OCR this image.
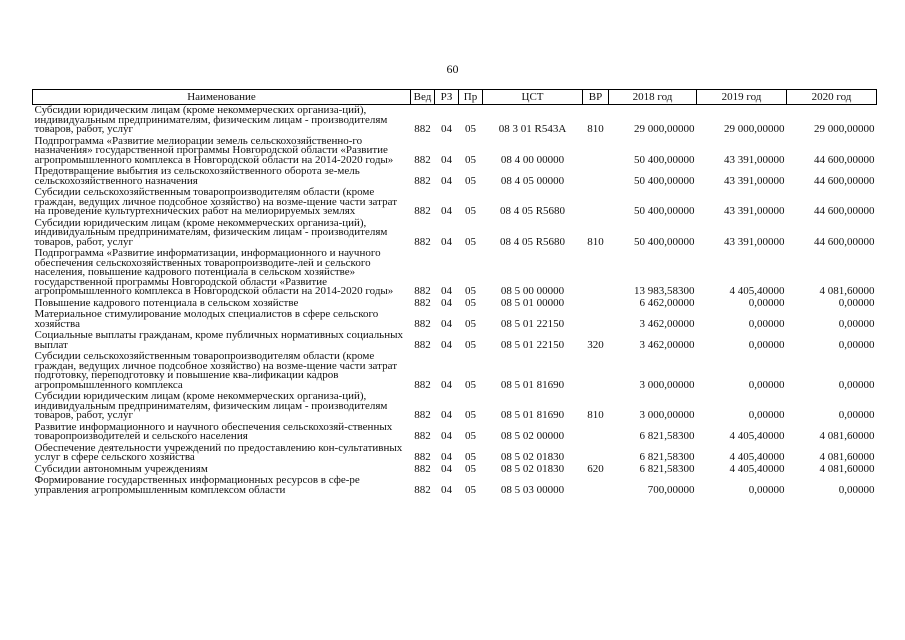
60
Наименование	Вед	РЗ	Пр	ЦСТ	ВР	2018 год	2019 год	2020 год
Субсидии юридическим лицам (кроме некоммерческих организа-ций), индивидуальным предпринимателям, физическим лицам - производителям товаров, работ, услуг	882	04	05	08 3 01 R543A	810	29 000,00000	29 000,00000	29 000,00000
Подпрограмма «Развитие мелиорации земель сельскохозяйственно-го назначения» государственной программы Новгородской области «Развитие агропромышленного комплекса в Новгородской области на 2014-2020 годы»	882	04	05	08 4 00 00000		50 400,00000	43 391,00000	44 600,00000
Предотвращение выбытия из сельскохозяйственного оборота зе-мель сельскохозяйственного назначения	882	04	05	08 4 05 00000		50 400,00000	43 391,00000	44 600,00000
Субсидии сельскохозяйственным товаропроизводителям области (кроме граждан, ведущих личное подсобное хозяйство) на возме-щение части затрат на проведение культуртехнических работ на мелиорируемых землях	882	04	05	08 4 05 R5680		50 400,00000	43 391,00000	44 600,00000
Субсидии юридическим лицам (кроме некоммерческих организа-ций), индивидуальным предпринимателям, физическим лицам - производителям товаров, работ, услуг	882	04	05	08 4 05 R5680	810	50 400,00000	43 391,00000	44 600,00000
Подпрограмма «Развитие информатизации, информационного и научного обеспечения сельскохозяйственных товаропроизводите-лей и сельского населения, повышение кадрового потенциала в сельском хозяйстве» государственной программы Новгородской области «Развитие агропромышленного комплекса в Новгородской области на 2014-2020 годы»	882	04	05	08 5 00 00000		13 983,58300	4 405,40000	4 081,60000
Повышение кадрового потенциала в сельском хозяйстве	882	04	05	08 5 01 00000		6 462,00000	0,00000	0,00000
Материальное стимулирование молодых специалистов в сфере сельского хозяйства	882	04	05	08 5 01 22150		3 462,00000	0,00000	0,00000
Социальные выплаты гражданам, кроме публичных нормативных социальных выплат	882	04	05	08 5 01 22150	320	3 462,00000	0,00000	0,00000
Субсидии сельскохозяйственным товаропроизводителям области (кроме граждан, ведущих личное подсобное хозяйство) на возме-щение части затрат подготовку, переподготовку и повышение ква-лификации кадров агропромышленного комплекса	882	04	05	08 5 01 81690		3 000,00000	0,00000	0,00000
Субсидии юридическим лицам (кроме некоммерческих организа-ций), индивидуальным предпринимателям, физическим лицам - производителям товаров, работ, услуг	882	04	05	08 5 01 81690	810	3 000,00000	0,00000	0,00000
Развитие информационного и научного обеспечения сельскохозяй-ственных товаропроизводителей и сельского населения	882	04	05	08 5 02 00000		6 821,58300	4 405,40000	4 081,60000
Обеспечение деятельности учреждений по предоставлению кон-сультативных услуг в сфере сельского хозяйства	882	04	05	08 5 02 01830		6 821,58300	4 405,40000	4 081,60000
Субсидии автономным учреждениям	882	04	05	08 5 02 01830	620	6 821,58300	4 405,40000	4 081,60000
Формирование государственных информационных ресурсов в сфе-ре управления агропромышленным комплексом области	882	04	05	08 5 03 00000		700,00000	0,00000	0,00000
